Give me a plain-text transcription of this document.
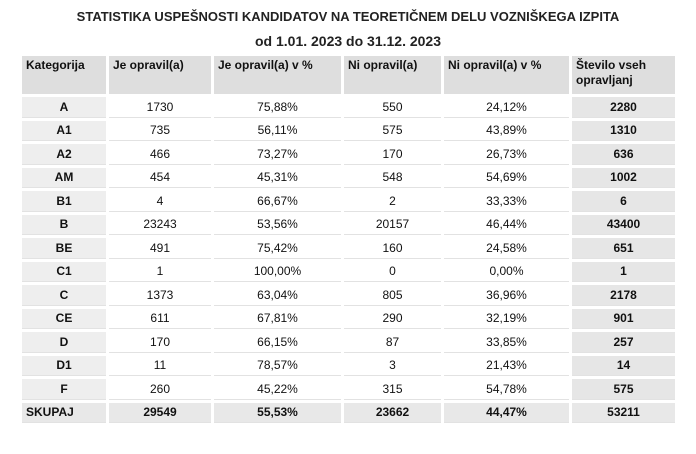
STATISTIKA USPEŠNOSTI KANDIDATOV NA TEORETIČNEM DELU VOZNIŠKEGA IZPITA
od 1.01. 2023 do 31.12. 2023
Kategorija	Je opravil(a)	Je opravil(a) v %	Ni opravil(a)	Ni opravil(a) v %	Število vseh opravljanj
A	1730	75,88%	550	24,12%	2280
A1	735	56,11%	575	43,89%	1310
A2	466	73,27%	170	26,73%	636
AM	454	45,31%	548	54,69%	1002
B1	4	66,67%	2	33,33%	6
B	23243	53,56%	20157	46,44%	43400
BE	491	75,42%	160	24,58%	651
C1	1	100,00%	0	0,00%	1
C	1373	63,04%	805	36,96%	2178
CE	611	67,81%	290	32,19%	901
D	170	66,15%	87	33,85%	257
D1	11	78,57%	3	21,43%	14
F	260	45,22%	315	54,78%	575
SKUPAJ	29549	55,53%	23662	44,47%	53211
